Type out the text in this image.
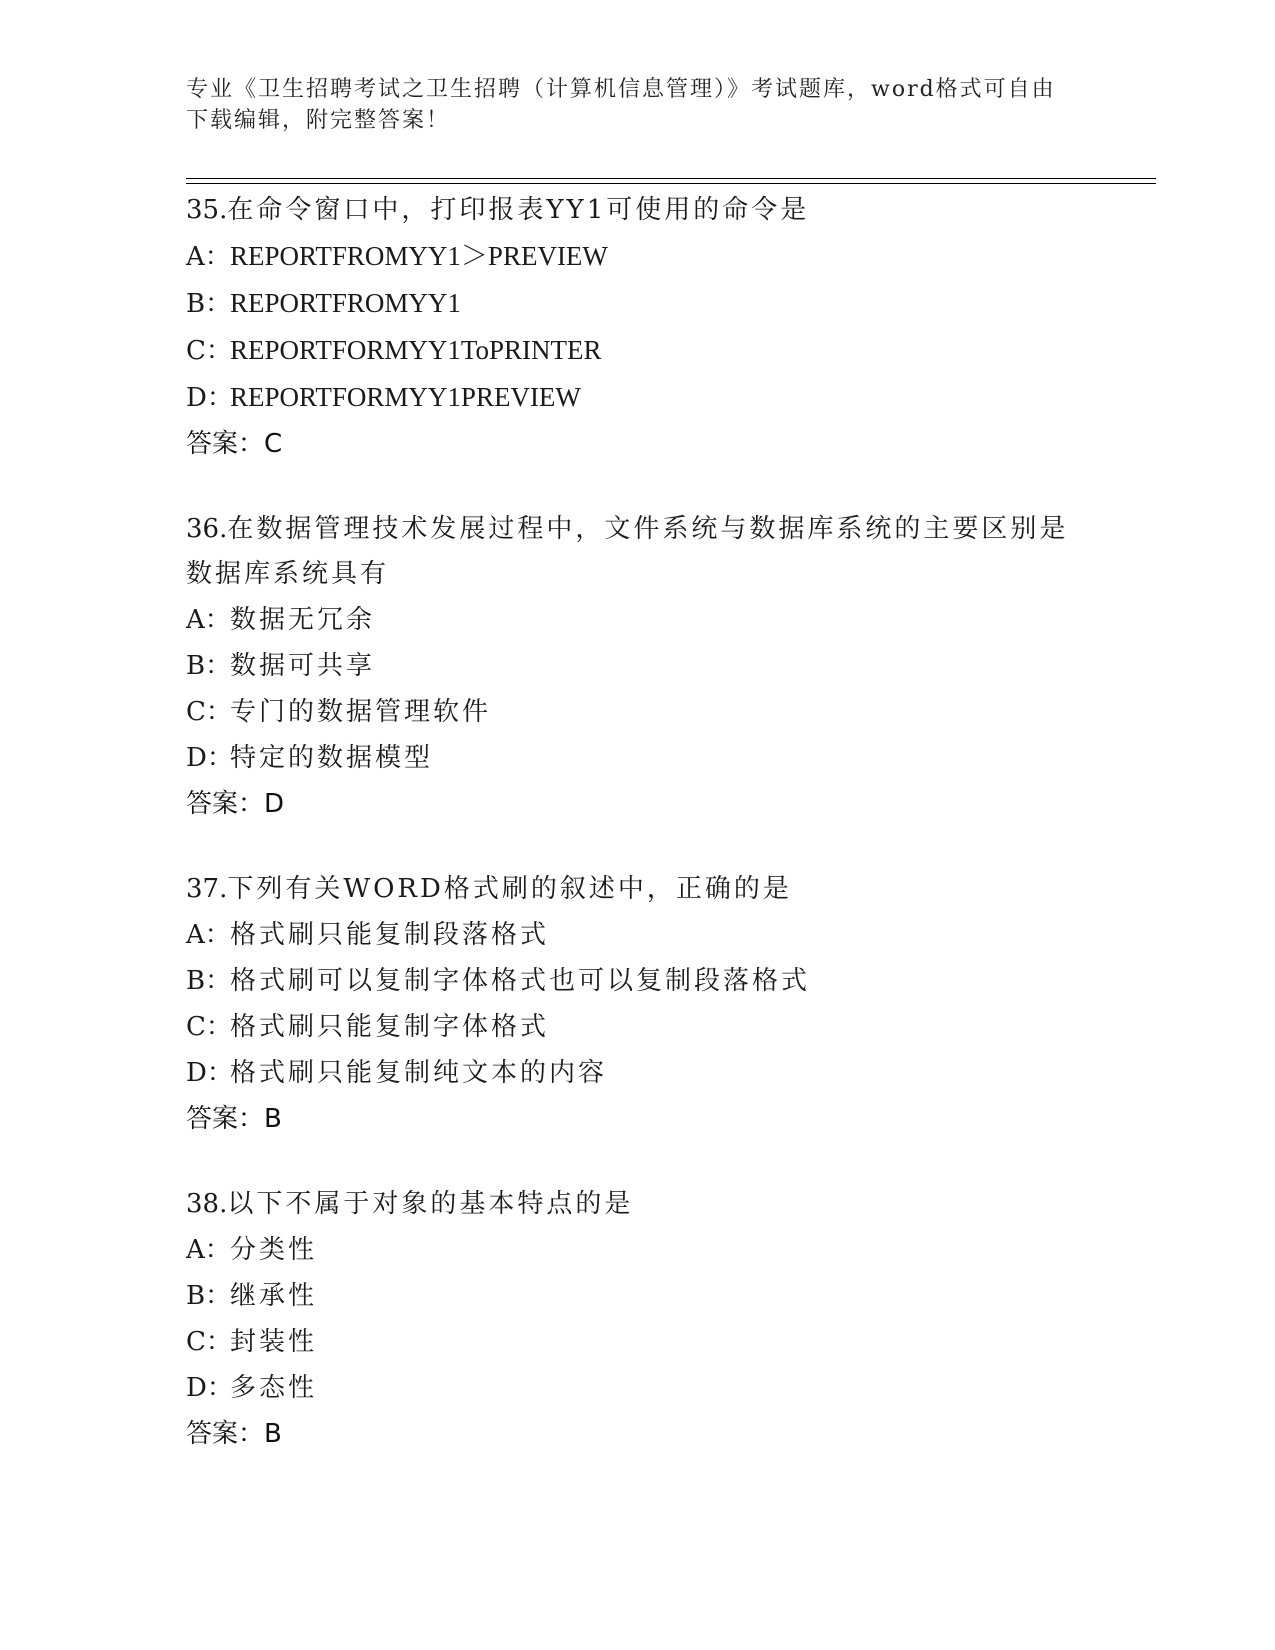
专业《卫生招聘考试之卫生招聘（计算机信息管理）》考试题库，word格式可自由下载编辑，附完整答案！
35.在命令窗口中，打印报表YY1可使用的命令是
A：REPORTFROMYY1＞PREVIEW
B：REPORTFROMYY1
C：REPORTFORMYY1ToPRINTER
D：REPORTFORMYY1PREVIEW
答案：C
36.在数据管理技术发展过程中，文件系统与数据库系统的主要区别是数据库系统具有
A：数据无冗余
B：数据可共享
C：专门的数据管理软件
D：特定的数据模型
答案：D
37.下列有关WORD格式刷的叙述中，正确的是
A：格式刷只能复制段落格式
B：格式刷可以复制字体格式也可以复制段落格式
C：格式刷只能复制字体格式
D：格式刷只能复制纯文本的内容
答案：B
38.以下不属于对象的基本特点的是
A：分类性
B：继承性
C：封装性
D：多态性
答案：B
